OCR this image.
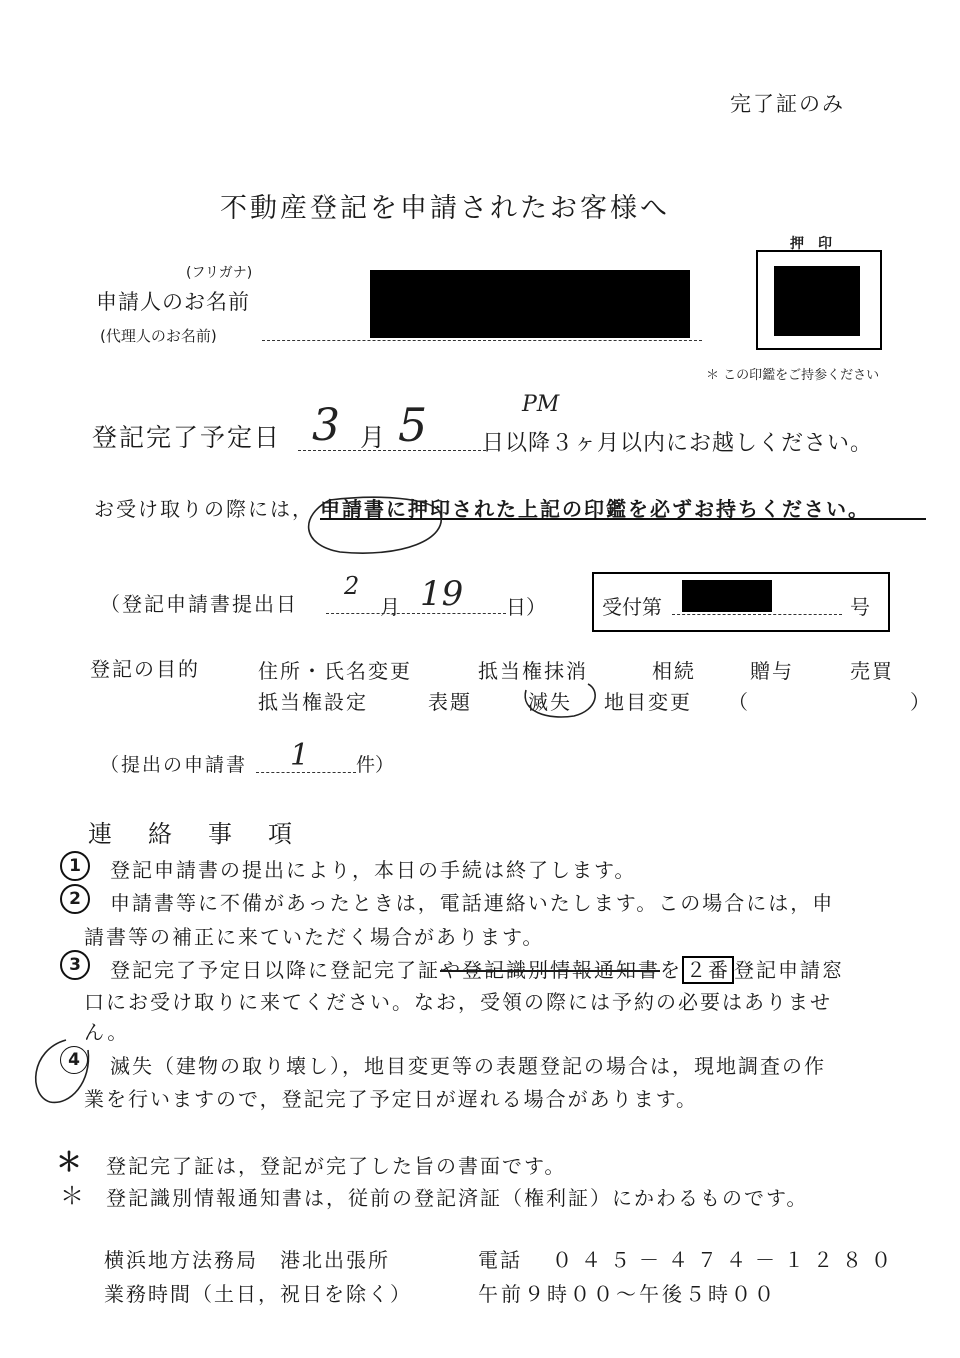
完了証のみ
不動産登記を申請されたお客様へ
(フリガナ)
申請人のお名前
(代理人のお名前)
押　印
＊ この印鑑をご持参ください
登記完了予定日 3 月 5	PM
日以降３ヶ月以内にお越しください。
お受け取りの際には， 申請書に押印された上記の印鑑を必ずお持ちください。
（登記申請書提出日
2
月 19 日）	受付第	号
登記の目的	住所・氏名変更	抵当権抹消	相続	贈与	売買
抵当権設定	表題	滅失 地目変更 （	）
（提出の申請書 1 件）
連　絡　事　項
1	登記申請書の提出により，本日の手続は終了します。
2	申請書等に不備があったときは，電話連絡いたします。この場合には，申
請書等の補正に来ていただく場合があります。
3	登記完了予定日以降に登記完了証や登記識別情報通知書を ２番 登記申請窓
口にお受け取りに来てください。なお，受領の際には予約の必要はありませ
ん。
4	滅失（建物の取り壊し），地目変更等の表題登記の場合は，現地調査の作
業を行いますので，登記完了予定日が遅れる場合があります。
＊ 登記完了証は，登記が完了した旨の書面です。
＊ 登記識別情報通知書は，従前の登記済証（権利証）にかわるものです。
横浜地方法務局　港北出張所	電話 ０４５－４７４－１２８０
業務時間（土日，祝日を除く）	午前９時００～午後５時００
